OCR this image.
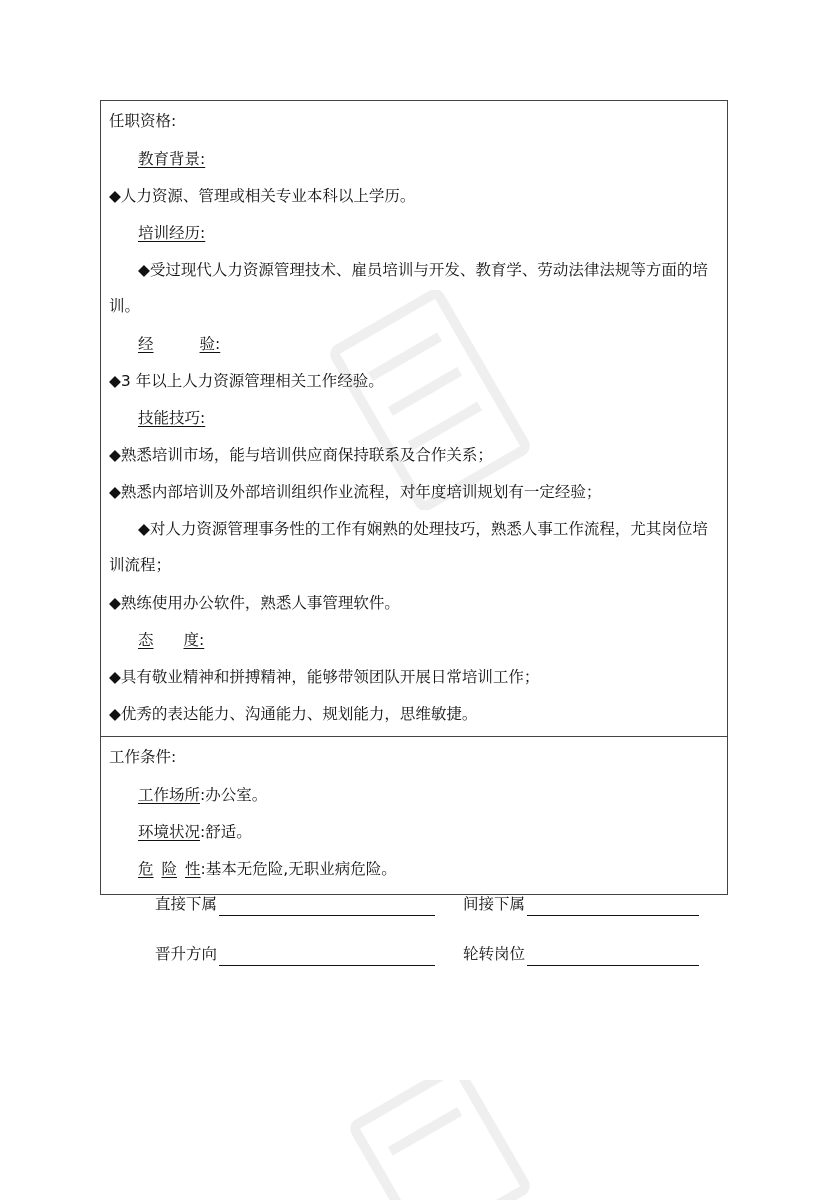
任职资格:
教育背景:
◆人力资源、管理或相关专业本科以上学历。
培训经历:
◆受过现代人力资源管理技术、雇员培训与开发、教育学、劳动法律法规等方面的培训。
经	验:
◆3 年以上人力资源管理相关工作经验。
技能技巧:
◆熟悉培训市场，能与培训供应商保持联系及合作关系；
◆熟悉内部培训及外部培训组织作业流程，对年度培训规划有一定经验；
◆对人力资源管理事务性的工作有娴熟的处理技巧，熟悉人事工作流程，尤其岗位培训流程；
◆熟练使用办公软件，熟悉人事管理软件。
态 度:
◆具有敬业精神和拼搏精神，能够带领团队开展日常培训工作；
◆优秀的表达能力、沟通能力、规划能力，思维敏捷。
工作条件:
工作场所:办公室。
环境状况:舒适。
危 险 性:基本无危险,无职业病危险。
直接下属	间接下属
晋升方向	轮转岗位
